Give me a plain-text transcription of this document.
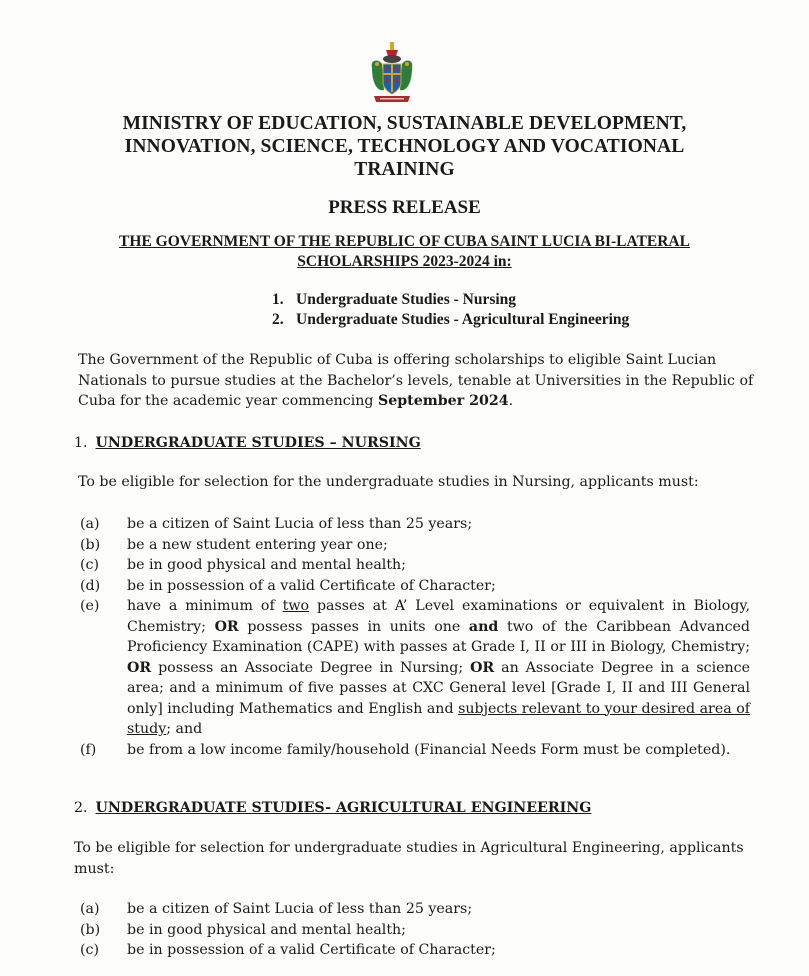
MINISTRY OF EDUCATION, SUSTAINABLE DEVELOPMENT, INNOVATION, SCIENCE, TECHNOLOGY AND VOCATIONAL TRAINING
PRESS RELEASE
THE GOVERNMENT OF THE REPUBLIC OF CUBA SAINT LUCIA BI-LATERAL
SCHOLARSHIPS 2023-2024 in:
1. Undergraduate Studies - Nursing
2. Undergraduate Studies - Agricultural Engineering
The Government of the Republic of Cuba is offering scholarships to eligible Saint Lucian Nationals to pursue studies at the Bachelor’s levels, tenable at Universities in the Republic of Cuba for the academic year commencing September 2024.
1. UNDERGRADUATE STUDIES – NURSING
To be eligible for selection for the undergraduate studies in Nursing, applicants must:
(a) be a citizen of Saint Lucia of less than 25 years;
(b) be a new student entering year one;
(c) be in good physical and mental health;
(d) be in possession of a valid Certificate of Character;
(e) have a minimum of two passes at A’ Level examinations or equivalent in Biology, Chemistry; OR possess passes in units one and two of the Caribbean Advanced Proficiency Examination (CAPE) with passes at Grade I, II or III in Biology, Chemistry; OR possess an Associate Degree in Nursing; OR an Associate Degree in a science area; and a minimum of five passes at CXC General level [Grade I, II and III General only] including Mathematics and English and subjects relevant to your desired area of study; and
(f) be from a low income family/household (Financial Needs Form must be completed).
2. UNDERGRADUATE STUDIES- AGRICULTURAL ENGINEERING
To be eligible for selection for undergraduate studies in Agricultural Engineering, applicants must:
(a) be a citizen of Saint Lucia of less than 25 years;
(b) be in good physical and mental health;
(c) be in possession of a valid Certificate of Character;
